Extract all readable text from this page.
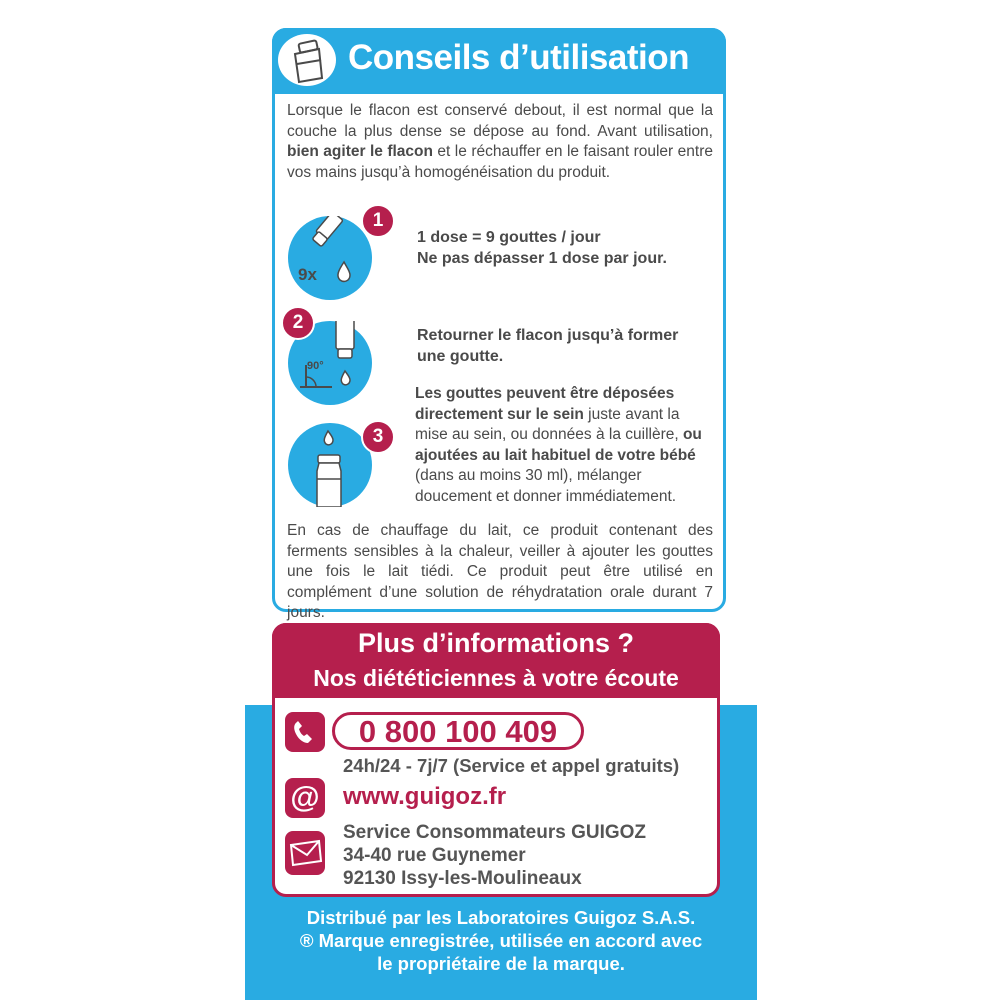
Conseils d’utilisation

Lorsque le flacon est conservé debout, il est normal que la couche la plus dense se dépose au fond. Avant utilisation, bien agiter le flacon et le réchauffer en le faisant rouler entre vos mains jusqu’à homogénéisation du produit.

9x
1
1 dose = 9 gouttes / jour
Ne pas dépasser 1 dose par jour.
90°
2
Retourner le flacon jusqu’à former
une goutte.
3

Les gouttes peuvent être déposées directement sur le sein juste avant la mise au sein, ou données à la cuillère, ou ajoutées au lait habituel de votre bébé (dans au moins 30 ml), mélanger doucement et donner immédiatement.

En cas de chauffage du lait, ce produit contenant des ferments sensibles à la chaleur, veiller à ajouter les gouttes une fois le lait tiédi. Ce produit peut être utilisé en complément d’une solution de réhydratation orale durant 7 jours.

Plus d’informations ?
Nos diététiciennes à votre écoute
0 800 100 409
24h/24 - 7j/7 (Service et appel gratuits)
@ www.guigoz.fr
Service Consommateurs GUIGOZ
34-40 rue Guynemer
92130 Issy-les-Moulineaux
Distribué par les Laboratoires Guigoz S.A.S.
® Marque enregistrée, utilisée en accord avec
le propriétaire de la marque.
